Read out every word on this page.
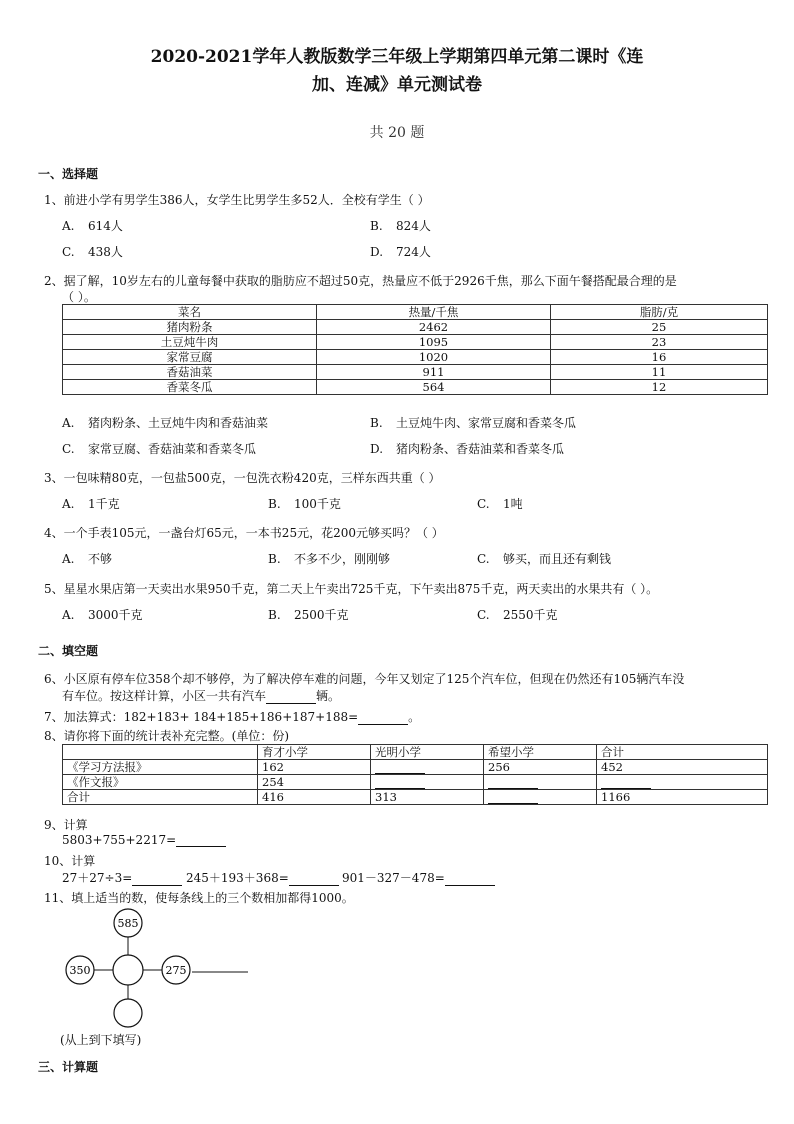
2020-2021学年人教版数学三年级上学期第四单元第二课时《连
加、连减》单元测试卷
共 20 题
一、选择题
1、前进小学有男学生386人，女学生比男学生多52人．全校有学生（ ）
A. 614人	B. 824人
C. 438人	D. 724人
2、据了解，10岁左右的儿童每餐中获取的脂肪应不超过50克，热量应不低于2926千焦，那么下面午餐搭配最合理的是
（ ）。
菜名	热量/千焦	脂肪/克
猪肉粉条	2462	25
土豆炖牛肉	1095	23
家常豆腐	1020	16
香菇油菜	911	11
香菜冬瓜	564	12
A. 猪肉粉条、土豆炖牛肉和香菇油菜	B. 土豆炖牛肉、家常豆腐和香菜冬瓜
C. 家常豆腐、香菇油菜和香菜冬瓜	D. 猪肉粉条、香菇油菜和香菜冬瓜
3、一包味精80克，一包盐500克，一包洗衣粉420克，三样东西共重（ ）
A. 1千克	B. 100千克	C. 1吨
4、一个手表105元，一盏台灯65元，一本书25元，花200元够买吗？（ ）
A. 不够	B. 不多不少，刚刚够	C. 够买，而且还有剩钱
5、星星水果店第一天卖出水果950千克，第二天上午卖出725千克，下午卖出875千克，两天卖出的水果共有（ ）。
A. 3000千克	B. 2500千克	C. 2550千克
二、填空题
6、小区原有停车位358个却不够停，为了解决停车难的问题，今年又划定了125个汽车位，但现在仍然还有105辆汽车没
有车位。按这样计算，小区一共有汽车	辆。
7、加法算式：182+183+ 184+185+186+187+188=	。
8、请你将下面的统计表补充完整。(单位：份)
	育才小学	光明小学	希望小学	合计
《学习方法报》	162		256	452
《作文报》	254			
合计	416	313		1166
9、计算
5803+755+2217=
10、计算
27＋27÷3=	245＋193＋368=	901－327－478=
11、填上适当的数，使每条线上的三个数相加都得1000。
585
350	275
(从上到下填写)
三、计算题
